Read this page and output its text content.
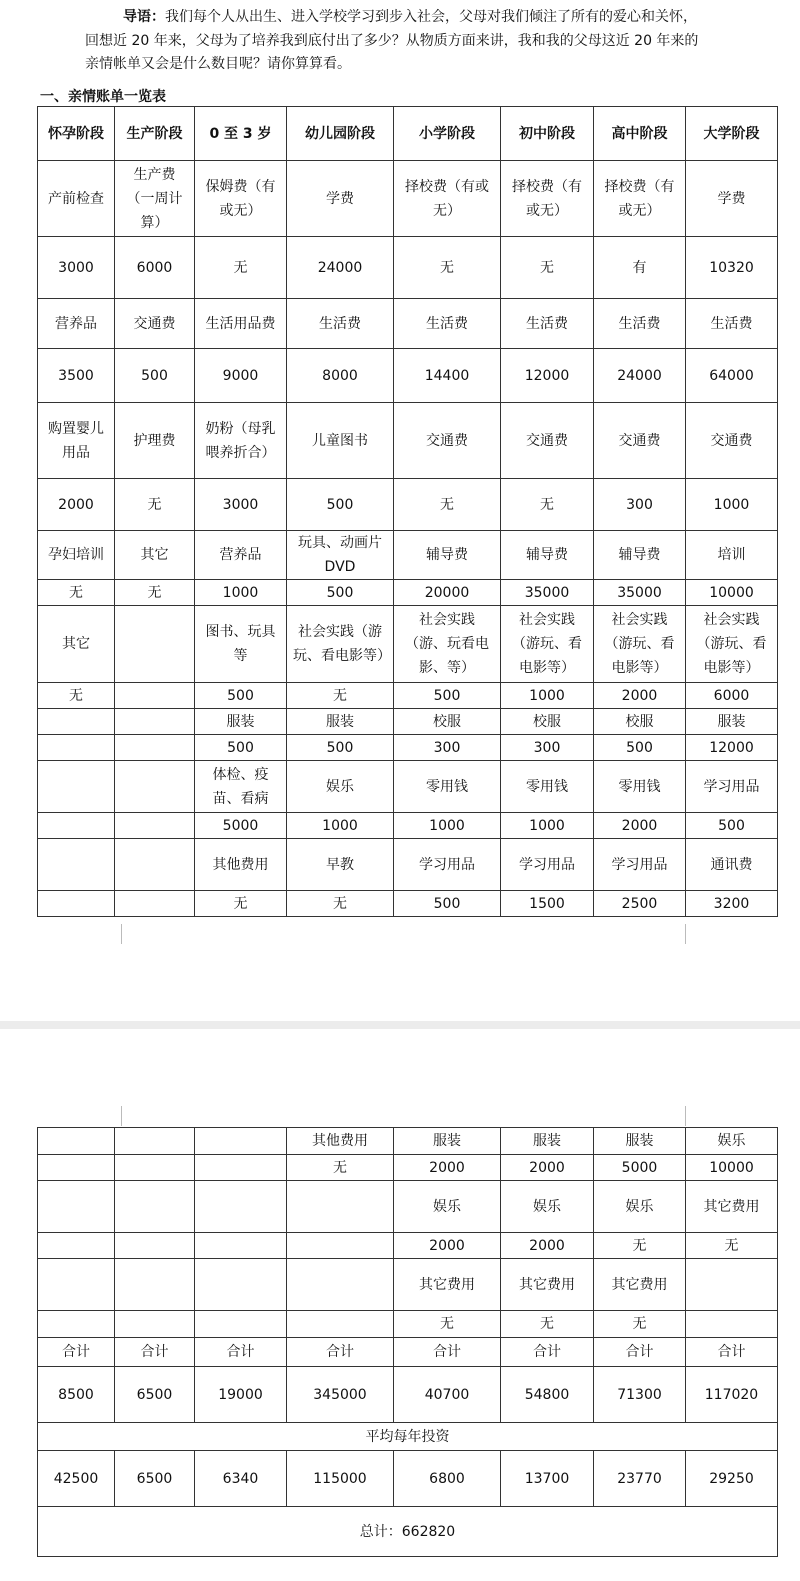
导语：我们每个人从出生、进入学校学习到步入社会，父母对我们倾注了所有的爱心和关怀，
回想近 20 年来，父母为了培养我到底付出了多少？从物质方面来讲，我和我的父母这近 20 年来的
亲情帐单又会是什么数目呢？请你算算看。
一、亲情账单一览表
怀孕阶段	生产阶段	0 至 3 岁	幼儿园阶段	小学阶段	初中阶段	高中阶段	大学阶段
产前检查	生产费（一周计算）	保姆费（有或无）	学费	择校费（有或无）	择校费（有或无）	择校费（有或无）	学费
3000	6000	无	24000	无	无	有	10320
营养品	交通费	生活用品费	生活费	生活费	生活费	生活费	生活费
3500	500	9000	8000	14400	12000	24000	64000
购置婴儿用品	护理费	奶粉（母乳喂养折合）	儿童图书	交通费	交通费	交通费	交通费
2000	无	3000	500	无	无	300	1000
孕妇培训	其它	营养品	玩具、动画片 DVD	辅导费	辅导费	辅导费	培训
无	无	1000	500	20000	35000	35000	10000
其它		图书、玩具等	社会实践（游玩、看电影等）	社会实践（游、玩看电影、等）	社会实践（游玩、看电影等）	社会实践（游玩、看电影等）	社会实践（游玩、看电影等）
无		500	无	500	1000	2000	6000
		服装	服装	校服	校服	校服	服装
		500	500	300	300	500	12000
		体检、疫苗、看病	娱乐	零用钱	零用钱	零用钱	学习用品
		5000	1000	1000	1000	2000	500
		其他费用	早教	学习用品	学习用品	学习用品	通讯费
		无	无	500	1500	2500	3200
			其他费用	服装	服装	服装	娱乐
			无	2000	2000	5000	10000
				娱乐	娱乐	娱乐	其它费用
				2000	2000	无	无
				其它费用	其它费用	其它费用	
				无	无	无	
合计	合计	合计	合计	合计	合计	合计	合计
8500	6500	19000	345000	40700	54800	71300	117020
平均每年投资							
42500	6500	6340	115000	6800	13700	23770	29250
总计：662820							
